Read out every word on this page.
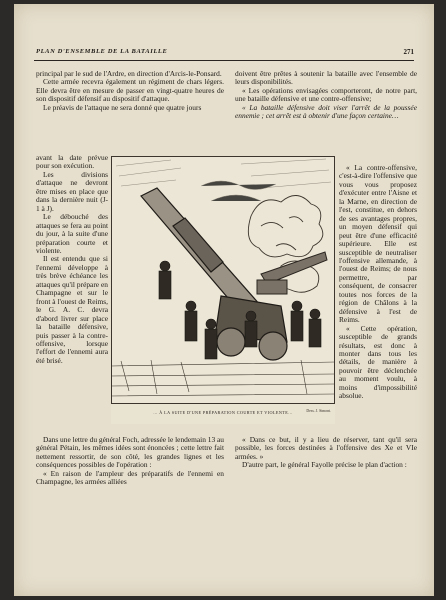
PLAN D'ENSEMBLE DE LA BATAILLE	271

principal par le sud de l'Ardre, en direction d'Arcis-le-Ponsard.

Cette armée recevra également un régiment de chars légers. Elle devra être en mesure de passer en vingt-quatre heures de son dispositif défensif au dispositif d'attaque.

Le préavis de l'attaque ne sera donné que quatre jours

avant la date prévue pour son exécution.

Les divisions d'attaque ne devront être mises en place que dans la dernière nuit (J-1 à J).

Le débouché des attaques se fera au point du jour, à la suite d'une préparation courte et violente.

Il est entendu que si l'ennemi développe à très brève échéance les attaques qu'il prépare en Champagne et sur le front à l'ouest de Reims, le G. A. C. devra d'abord livrer sur place la bataille défensive, puis passer à la contre-offensive, lorsque l'effort de l'ennemi aura été brisé.

doivent être prêtes à soutenir la bataille avec l'ensemble de leurs disponibilités.

« Les opérations envisagées comporteront, de notre part, une bataille défensive et une contre-offensive;

« La bataille défensive doit viser l'arrêt de la poussée ennemie ; cet arrêt est à obtenir d'une façon certaine…

« La contre-offensive, c'est-à-dire l'offensive que vous vous proposez d'exécuter entre l'Aisne et la Marne, en direction de l'est, constitue, en dehors de ses avantages propres, un moyen défensif qui peut être d'une efficacité supérieure. Elle est susceptible de neutraliser l'offensive allemande, à l'ouest de Reims; de nous permettre, par conséquent, de consacrer toutes nos forces de la région de Châlons à la défensive à l'est de Reims.

« Cette opération, susceptible de grands résultats, est donc à monter dans tous les détails, de manière à pouvoir être déclenchée au moment voulu, à moins d'impossibilité absolue.

… À LA SUITE D'UNE PRÉPARATION COURTE ET VIOLENTE…	Dess. J. Simont.

Dans une lettre du général Foch, adressée le lendemain 13 au général Pétain, les mêmes idées sont énoncées ; cette lettre fait nettement ressortir, de son côté, les grandes lignes et les conséquences possibles de l'opération :

« En raison de l'ampleur des préparatifs de l'ennemi en Champagne, les armées alliées

« Dans ce but, il y a lieu de réserver, tant qu'il sera possible, les forces destinées à l'offensive des Xe et VIe armées. »

D'autre part, le général Fayolle précise le plan d'action :
